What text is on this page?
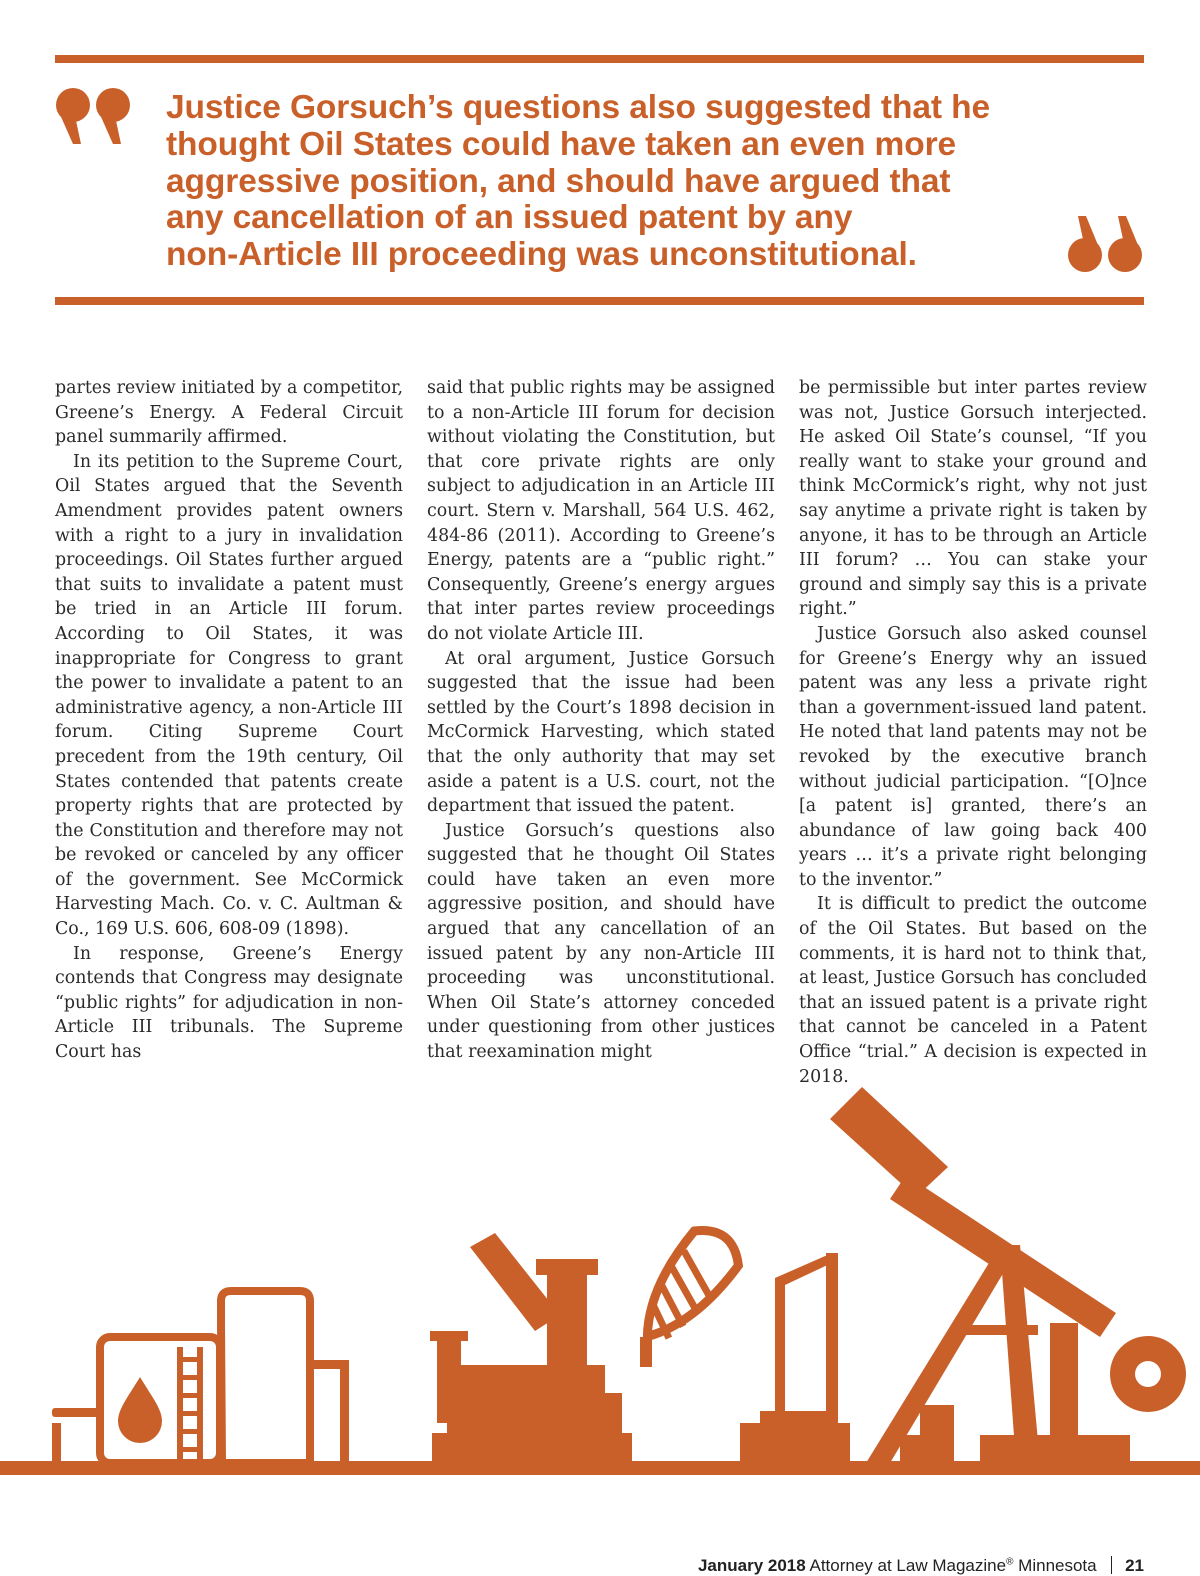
Justice Gorsuch’s questions also suggested that he
thought Oil States could have taken an even more
aggressive position, and should have argued that
any cancellation of an issued patent by any
non-Article III proceeding was unconstitutional.

partes review initiated by a competitor, Greene’s Energy. A Federal Circuit panel summarily affirmed.

In its petition to the Supreme Court, Oil States argued that the Seventh Amendment provides patent owners with a right to a jury in invalidation proceedings. Oil States further argued that suits to invalidate a patent must be tried in an Article III forum. According to Oil States, it was inappropriate for Congress to grant the power to invalidate a patent to an administrative agency, a non-Article III forum. Citing Supreme Court precedent from the 19th century, Oil States contended that patents create property rights that are protected by the Constitution and therefore may not be revoked or canceled by any officer of the government. See McCormick Harvesting Mach. Co. v. C. Aultman & Co., 169 U.S. 606, 608-09 (1898).

In response, Greene’s Energy contends that Congress may designate “public rights” for adjudication in non-Article III tribunals. The Supreme Court has

said that public rights may be assigned to a non-Article III forum for decision without violating the Constitution, but that core private rights are only subject to adjudication in an Article III court. Stern v. Marshall, 564 U.S. 462, 484-86 (2011). According to Greene’s Energy, patents are a “public right.” Consequently, Greene’s energy argues that inter partes review proceedings do not violate Article III.

At oral argument, Justice Gorsuch suggested that the issue had been settled by the Court’s 1898 decision in McCormick Harvesting, which stated that the only authority that may set aside a patent is a U.S. court, not the department that issued the patent.

Justice Gorsuch’s questions also suggested that he thought Oil States could have taken an even more aggressive position, and should have argued that any cancellation of an issued patent by any non-Article III proceeding was unconstitutional. When Oil State’s attorney conceded under questioning from other justices that reexamination might

be permissible but inter partes review was not, Justice Gorsuch interjected. He asked Oil State’s counsel, “If you really want to stake your ground and think McCormick’s right, why not just say anytime a private right is taken by anyone, it has to be through an Article III forum? … You can stake your ground and simply say this is a private right.”

Justice Gorsuch also asked counsel for Greene’s Energy why an issued patent was any less a private right than a government-issued land patent. He noted that land patents may not be revoked by the executive branch without judicial participation. “[O]nce [a patent is] granted, there’s an abundance of law going back 400 years … it’s a private right belonging to the inventor.”

It is difficult to predict the outcome of the Oil States. But based on the comments, it is hard not to think that, at least, Justice Gorsuch has concluded that an issued patent is a private right that cannot be canceled in a Patent Office “trial.” A decision is expected in 2018.

January 2018 Attorney at Law Magazine® Minnesota 21
